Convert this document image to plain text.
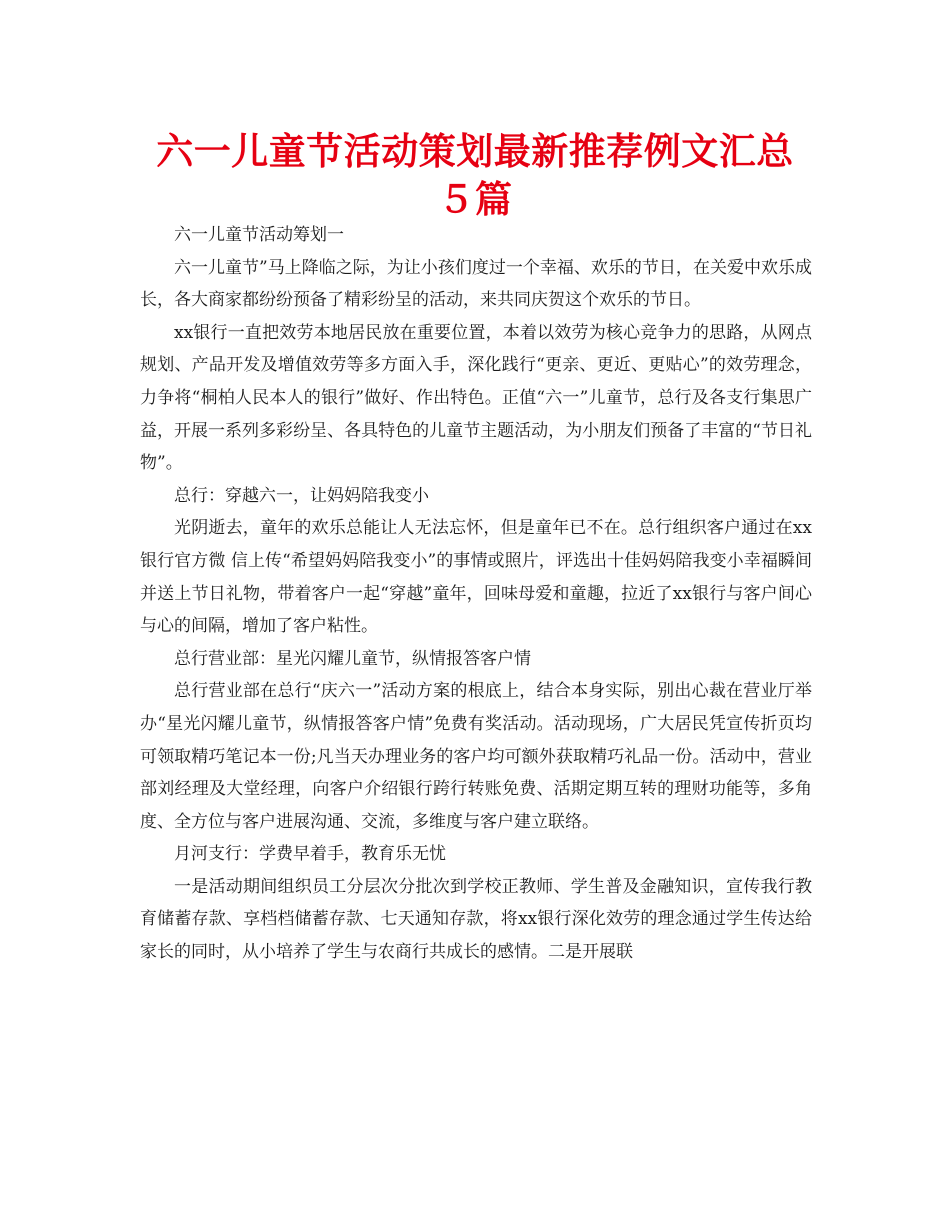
六一儿童节活动策划最新推荐例文汇总５篇

六一儿童节活动筹划一

六一儿童节”马上降临之际，为让小孩们度过一个幸福、欢乐的节日，在关爱中欢乐成长，各大商家都纷纷预备了精彩纷呈的活动，来共同庆贺这个欢乐的节日。

xx银行一直把效劳本地居民放在重要位置，本着以效劳为核心竞争力的思路，从网点规划、产品开发及增值效劳等多方面入手，深化践行“更亲、更近、更贴心”的效劳理念，力争将“桐柏人民本人的银行”做好、作出特色。正值“六一”儿童节，总行及各支行集思广益，开展一系列多彩纷呈、各具特色的儿童节主题活动，为小朋友们预备了丰富的“节日礼物”。

总行：穿越六一，让妈妈陪我变小

光阴逝去，童年的欢乐总能让人无法忘怀，但是童年已不在。总行组织客户通过在xx银行官方微 信上传“希望妈妈陪我变小”的事情或照片，评选出十佳妈妈陪我变小幸福瞬间并送上节日礼物，带着客户一起“穿越”童年，回味母爱和童趣，拉近了xx银行与客户间心与心的间隔，增加了客户粘性。

总行营业部：星光闪耀儿童节，纵情报答客户情

总行营业部在总行“庆六一”活动方案的根底上，结合本身实际，别出心裁在营业厅举办“星光闪耀儿童节，纵情报答客户情”免费有奖活动。活动现场，广大居民凭宣传折页均可领取精巧笔记本一份;凡当天办理业务的客户均可额外获取精巧礼品一份。活动中，营业部刘经理及大堂经理，向客户介绍银行跨行转账免费、活期定期互转的理财功能等，多角度、全方位与客户进展沟通、交流，多维度与客户建立联络。

月河支行：学费早着手，教育乐无忧

一是活动期间组织员工分层次分批次到学校正教师、学生普及金融知识，宣传我行教育储蓄存款、享档档储蓄存款、七天通知存款，将xx银行深化效劳的理念通过学生传达给家长的同时，从小培养了学生与农商行共成长的感情。二是开展联
